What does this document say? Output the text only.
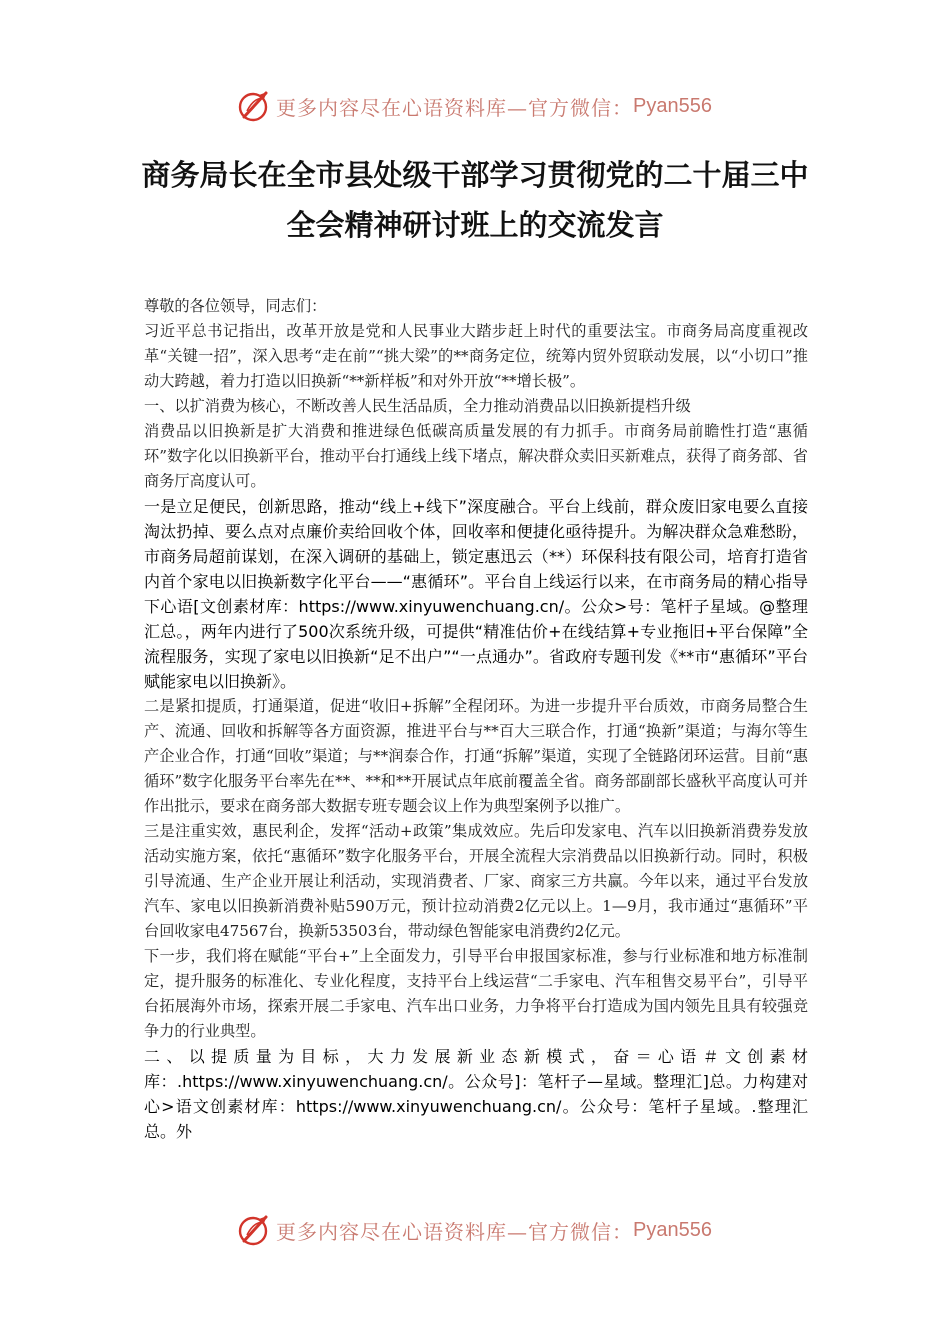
更多内容尽在心语资料库—官方微信： Pyan556
商务局长在全市县处级干部学习贯彻党的二十届三中
全会精神研讨班上的交流发言

尊敬的各位领导，同志们：

习近平总书记指出，改革开放是党和人民事业大踏步赶上时代的重要法宝。市商务局高度重视改革“关键一招”，深入思考“走在前”“挑大梁”的**商务定位，统筹内贸外贸联动发展，以“小切口”推动大跨越，着力打造以旧换新“**新样板”和对外开放“**增长极”。

一、以扩消费为核心，不断改善人民生活品质，全力推动消费品以旧换新提档升级

消费品以旧换新是扩大消费和推进绿色低碳高质量发展的有力抓手。市商务局前瞻性打造“惠循环”数字化以旧换新平台，推动平台打通线上线下堵点，解决群众卖旧买新难点，获得了商务部、省商务厅高度认可。

一是立足便民，创新思路，推动“线上+线下”深度融合。平台上线前，群众废旧家电要么直接淘汰扔掉、要么点对点廉价卖给回收个体，回收率和便捷化亟待提升。为解决群众急难愁盼，市商务局超前谋划，在深入调研的基础上，锁定惠迅云（**）环保科技有限公司，培育打造省内首个家电以旧换新数字化平台——“惠循环”。平台自上线运行以来，在市商务局的精心指导下心语[文创素材库：https://www.xinyuwenchuang.cn/。公众>号：笔杆子星域。@整理汇总。，两年内进行了500次系统升级，可提供“精准估价+在线结算+专业拖旧+平台保障”全流程服务，实现了家电以旧换新“足不出户”“一点通办”。省政府专题刊发《**市“惠循环”平台赋能家电以旧换新》。

二是紧扣提质，打通渠道，促进“收旧+拆解”全程闭环。为进一步提升平台质效，市商务局整合生产、流通、回收和拆解等各方面资源，推进平台与**百大三联合作，打通“换新”渠道；与海尔等生产企业合作，打通“回收”渠道；与**润泰合作，打通“拆解”渠道，实现了全链路闭环运营。目前“惠循环”数字化服务平台率先在**、**和**开展试点年底前覆盖全省。商务部副部长盛秋平高度认可并作出批示，要求在商务部大数据专班专题会议上作为典型案例予以推广。

三是注重实效，惠民利企，发挥“活动+政策”集成效应。先后印发家电、汽车以旧换新消费券发放活动实施方案，依托“惠循环”数字化服务平台，开展全流程大宗消费品以旧换新行动。同时，积极引导流通、生产企业开展让利活动，实现消费者、厂家、商家三方共赢。今年以来，通过平台发放汽车、家电以旧换新消费补贴590万元，预计拉动消费2亿元以上。1—9月，我市通过“惠循环”平台回收家电47567台，换新53503台，带动绿色智能家电消费约2亿元。

下一步，我们将在赋能“平台+”上全面发力，引导平台申报国家标准，参与行业标准和地方标准制定，提升服务的标准化、专业化程度，支持平台上线运营“二手家电、汽车租售交易平台”，引导平台拓展海外市场，探索开展二手家电、汽车出口业务，力争将平台打造成为国内领先且具有较强竞争力的行业典型。

二、以提质量为目标，大力发展新业态新模式，奋＝心语＃文创素材库：.https://www.xinyuwenchuang.cn/。公众号]：笔杆子—星域。整理汇]总。力构建对心>语文创素材库：https://www.xinyuwenchuang.cn/。公众号：笔杆子星域。.整理汇总。外

更多内容尽在心语资料库—官方微信： Pyan556
